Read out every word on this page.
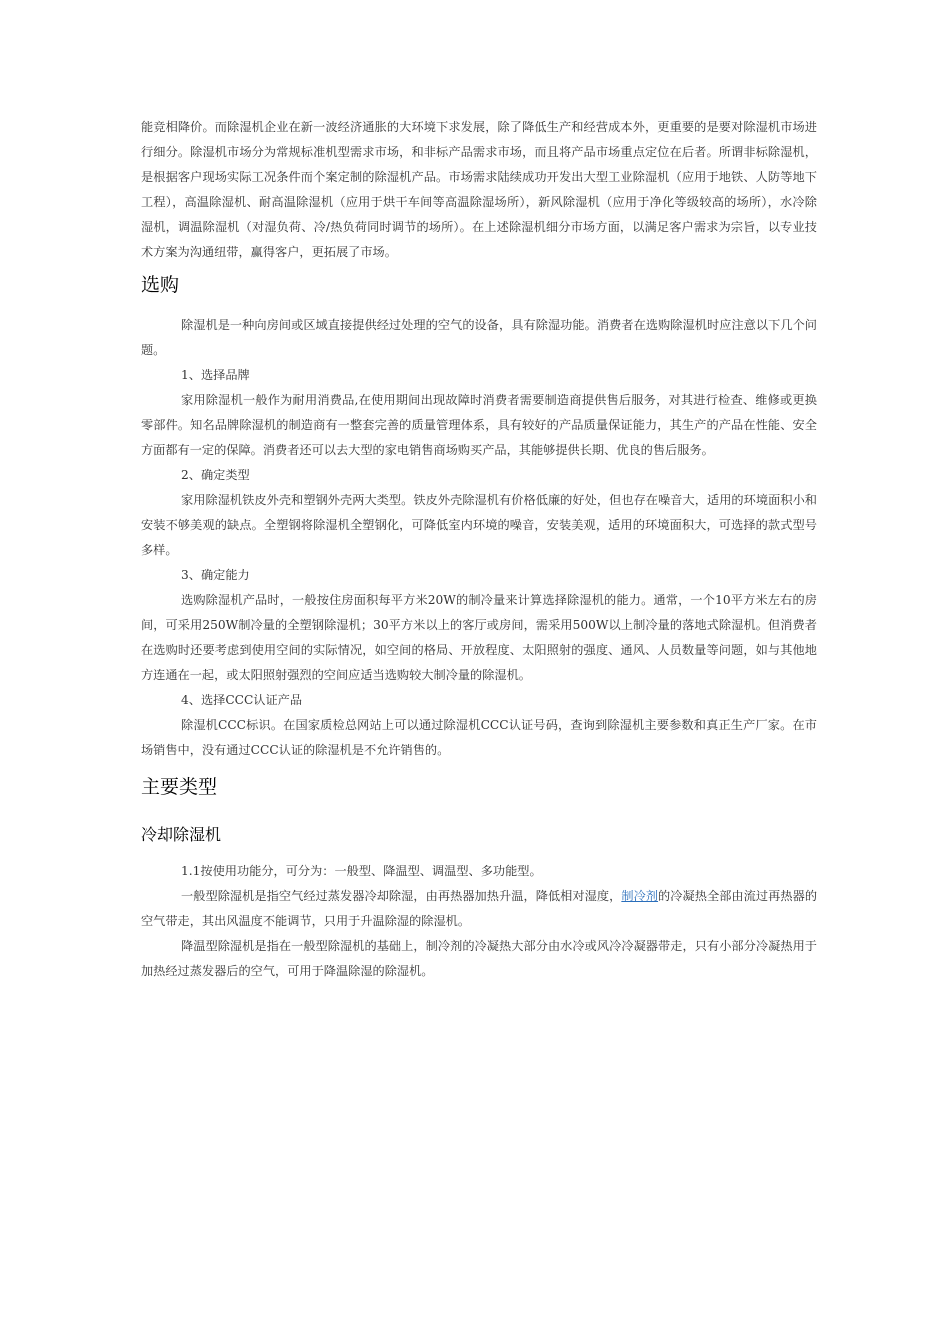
能竞相降价。而除湿机企业在新一波经济通胀的大环境下求发展，除了降低生产和经营成本外，更重要的是要对除湿机市场进行细分。除湿机市场分为常规标准机型需求市场，和非标产品需求市场，而且将产品市场重点定位在后者。所谓非标除湿机，是根据客户现场实际工况条件而个案定制的除湿机产品。市场需求陆续成功开发出大型工业除湿机（应用于地铁、人防等地下工程），高温除湿机、耐高温除湿机（应用于烘干车间等高温除湿场所），新风除湿机（应用于净化等级较高的场所），水冷除湿机，调温除湿机（对湿负荷、冷/热负荷同时调节的场所）。在上述除湿机细分市场方面，以满足客户需求为宗旨，以专业技术方案为沟通纽带，赢得客户，更拓展了市场。

选购

除湿机是一种向房间或区域直接提供经过处理的空气的设备，具有除湿功能。消费者在选购除湿机时应注意以下几个问题。

1、选择品牌

家用除湿机一般作为耐用消费品,在使用期间出现故障时消费者需要制造商提供售后服务，对其进行检查、维修或更换零部件。知名品牌除湿机的制造商有一整套完善的质量管理体系，具有较好的产品质量保证能力，其生产的产品在性能、安全方面都有一定的保障。消费者还可以去大型的家电销售商场购买产品，其能够提供长期、优良的售后服务。

2、确定类型

家用除湿机铁皮外壳和塑钢外壳两大类型。铁皮外壳除湿机有价格低廉的好处，但也存在噪音大，适用的环境面积小和安装不够美观的缺点。全塑钢将除湿机全塑钢化，可降低室内环境的噪音，安装美观，适用的环境面积大，可选择的款式型号多样。

3、确定能力

选购除湿机产品时，一般按住房面积每平方米20W的制冷量来计算选择除湿机的能力。通常，一个10平方米左右的房间，可采用250W制冷量的全塑钢除湿机；30平方米以上的客厅或房间，需采用500W以上制冷量的落地式除湿机。但消费者在选购时还要考虑到使用空间的实际情况，如空间的格局、开放程度、太阳照射的强度、通风、人员数量等问题，如与其他地方连通在一起，或太阳照射强烈的空间应适当选购较大制冷量的除湿机。

4、选择CCC认证产品

除湿机CCC标识。在国家质检总网站上可以通过除湿机CCC认证号码，查询到除湿机主要参数和真正生产厂家。在市场销售中，没有通过CCC认证的除湿机是不允许销售的。

主要类型
冷却除湿机

1.1按使用功能分，可分为：一般型、降温型、调温型、多功能型。

一般型除湿机是指空气经过蒸发器冷却除湿，由再热器加热升温，降低相对湿度，制冷剂的冷凝热全部由流过再热器的空气带走，其出风温度不能调节，只用于升温除湿的除湿机。

降温型除湿机是指在一般型除湿机的基础上，制冷剂的冷凝热大部分由水冷或风冷冷凝器带走，只有小部分冷凝热用于加热经过蒸发器后的空气，可用于降温除湿的除湿机。
